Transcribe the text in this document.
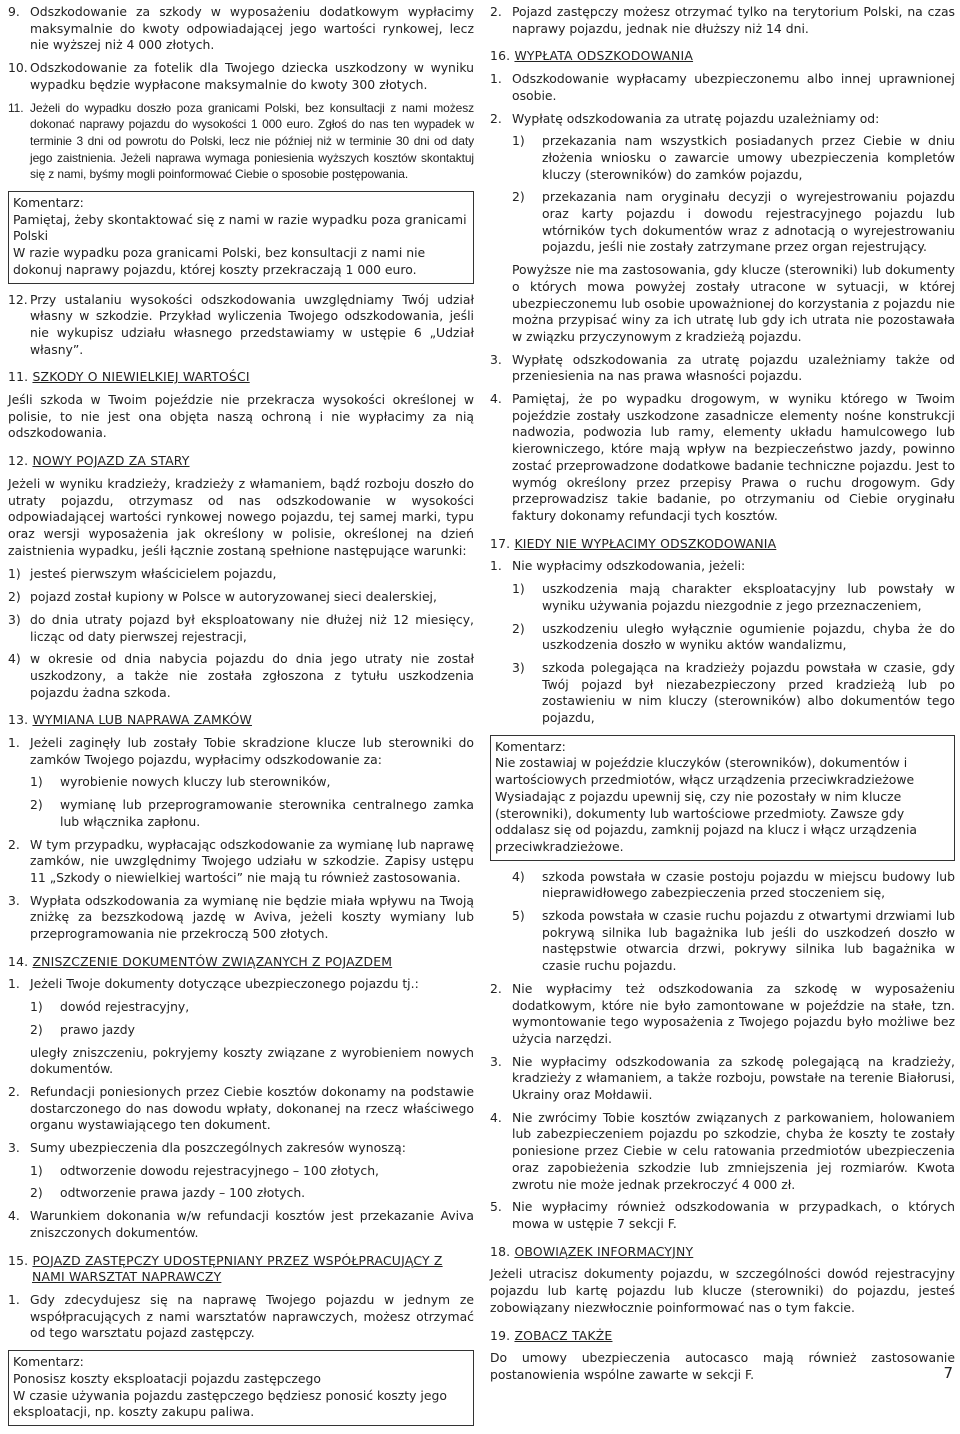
9. Odszkodowanie za szkody w wyposażeniu dodatkowym wypłacimy maksymalnie do kwoty odpowiadającej jego wartości rynkowej, lecz nie wyższej niż 4 000 złotych.
10. Odszkodowanie za fotelik dla Twojego dziecka uszkodzony w wyniku wypadku będzie wypłacone maksymalnie do kwoty 300 złotych.
11. Jeżeli do wypadku doszło poza granicami Polski, bez konsultacji z nami możesz dokonać naprawy pojazdu do wysokości 1 000 euro. Zgłoś do nas ten wypadek w terminie 3 dni od powrotu do Polski, lecz nie później niż w terminie 30 dni od daty jego zaistnienia. Jeżeli naprawa wymaga poniesienia wyższych kosztów skontaktuj się z nami, byśmy mogli poinformować Ciebie o sposobie postępowania.
Komentarz:
Pamiętaj, żeby skontaktować się z nami w razie wypadku poza granicami Polski
W razie wypadku poza granicami Polski, bez konsultacji z nami nie dokonuj naprawy pojazdu, której koszty przekraczają 1 000 euro.
12. Przy ustalaniu wysokości odszkodowania uwzględniamy Twój udział własny w szkodzie. Przykład wyliczenia Twojego odszkodowania, jeśli nie wykupisz udziału własnego przedstawiamy w ustępie 6 „Udział własny”.

11. SZKODY O NIEWIELKIEJ WARTOŚCI

Jeśli szkoda w Twoim pojeździe nie przekracza wysokości określonej w polisie, to nie jest ona objęta naszą ochroną i nie wypłacimy za nią odszkodowania.

12. NOWY POJAZD ZA STARY

Jeżeli w wyniku kradzieży, kradzieży z włamaniem, bądź rozboju doszło do utraty pojazdu, otrzymasz od nas odszkodowanie w wysokości odpowiadającej wartości rynkowej nowego pojazdu, tej samej marki, typu oraz wersji wyposażenia jak określony w polisie, określonej na dzień zaistnienia wypadku, jeśli łącznie zostaną spełnione następujące warunki:

1) jesteś pierwszym właścicielem pojazdu,
2) pojazd został kupiony w Polsce w autoryzowanej sieci dealerskiej,
3) do dnia utraty pojazd był eksploatowany nie dłużej niż 12 miesięcy, licząc od daty pierwszej rejestracji,
4) w okresie od dnia nabycia pojazdu do dnia jego utraty nie został uszkodzony, a także nie została zgłoszona z tytułu uszkodzenia pojazdu żadna szkoda.

13. WYMIANA LUB NAPRAWA ZAMKÓW

1. Jeżeli zaginęły lub zostały Tobie skradzione klucze lub sterowniki do zamków Twojego pojazdu, wypłacimy odszkodowanie za:
1) wyrobienie nowych kluczy lub sterowników,
2) wymianę lub przeprogramowanie sterownika centralnego zamka lub włącznika zapłonu.
2. W tym przypadku, wypłacając odszkodowanie za wymianę lub naprawę zamków, nie uwzględnimy Twojego udziału w szkodzie. Zapisy ustępu 11 „Szkody o niewielkiej wartości” nie mają tu również zastosowania.
3. Wypłata odszkodowania za wymianę nie będzie miała wpływu na Twoją zniżkę za bezszkodową jazdę w Aviva, jeżeli koszty wymiany lub przeprogramowania nie przekroczą 500 złotych.

14. ZNISZCZENIE DOKUMENTÓW ZWIĄZANYCH Z POJAZDEM

1. Jeżeli Twoje dokumenty dotyczące ubezpieczonego pojazdu tj.:
1) dowód rejestracyjny,
2) prawo jazdy

uległy zniszczeniu, pokryjemy koszty związane z wyrobieniem nowych dokumentów.

2. Refundacji poniesionych przez Ciebie kosztów dokonamy na podstawie dostarczonego do nas dowodu wpłaty, dokonanej na rzecz właściwego organu wystawiającego ten dokument.
3. Sumy ubezpieczenia dla poszczególnych zakresów wynoszą:
1) odtworzenie dowodu rejestracyjnego – 100 złotych,
2) odtworzenie prawa jazdy – 100 złotych.
4. Warunkiem dokonania w/w refundacji kosztów jest przekazanie Aviva zniszczonych dokumentów.

15. POJAZD ZASTĘPCZY UDOSTĘPNIANY PRZEZ WSPÓŁPRACUJĄCY Z NAMI WARSZTAT NAPRAWCZY

1. Gdy zdecydujesz się na naprawę Twojego pojazdu w jednym ze współpracujących z nami warsztatów naprawczych, możesz otrzymać od tego warsztatu pojazd zastępczy.
Komentarz:
Ponosisz koszty eksploatacji pojazdu zastępczego
W czasie używania pojazdu zastępczego będziesz ponosić koszty jego eksploatacji, np. koszty zakupu paliwa.
2. Pojazd zastępczy możesz otrzymać tylko na terytorium Polski, na czas naprawy pojazdu, jednak nie dłuższy niż 14 dni.

16. WYPŁATA ODSZKODOWANIA

1. Odszkodowanie wypłacamy ubezpieczonemu albo innej uprawnionej osobie.
2. Wypłatę odszkodowania za utratę pojazdu uzależniamy od:
1) przekazania nam wszystkich posiadanych przez Ciebie w dniu złożenia wniosku o zawarcie umowy ubezpieczenia kompletów kluczy (sterowników) do zamków pojazdu,
2) przekazania nam oryginału decyzji o wyrejestrowaniu pojazdu oraz karty pojazdu i dowodu rejestracyjnego pojazdu lub wtórników tych dokumentów wraz z adnotacją o wyrejestrowaniu pojazdu, jeśli nie zostały zatrzymane przez organ rejestrujący.

Powyższe nie ma zastosowania, gdy klucze (sterowniki) lub dokumenty o których mowa powyżej zostały utracone w sytuacji, w której ubezpieczonemu lub osobie upoważnionej do korzystania z pojazdu nie można przypisać winy za ich utratę lub gdy ich utrata nie pozostawała w związku przyczynowym z kradzieżą pojazdu.

3. Wypłatę odszkodowania za utratę pojazdu uzależniamy także od przeniesienia na nas prawa własności pojazdu.
4. Pamiętaj, że po wypadku drogowym, w wyniku którego w Twoim pojeździe zostały uszkodzone zasadnicze elementy nośne konstrukcji nadwozia, podwozia lub ramy, elementy układu hamulcowego lub kierowniczego, które mają wpływ na bezpieczeństwo jazdy, powinno zostać przeprowadzone dodatkowe badanie techniczne pojazdu. Jest to wymóg określony przez przepisy Prawa o ruchu drogowym. Gdy przeprowadzisz takie badanie, po otrzymaniu od Ciebie oryginału faktury dokonamy refundacji tych kosztów.

17. KIEDY NIE WYPŁACIMY ODSZKODOWANIA

1. Nie wypłacimy odszkodowania, jeżeli:
1) uszkodzenia mają charakter eksploatacyjny lub powstały w wyniku używania pojazdu niezgodnie z jego przeznaczeniem,
2) uszkodzeniu uległo wyłącznie ogumienie pojazdu, chyba że do uszkodzenia doszło w wyniku aktów wandalizmu,
3) szkoda polegająca na kradzieży pojazdu powstała w czasie, gdy Twój pojazd był niezabezpieczony przed kradzieżą lub po zostawieniu w nim kluczy (sterowników) albo dokumentów tego pojazdu,
Komentarz:
Nie zostawiaj w pojeździe kluczyków (sterowników), dokumentów i wartościowych przedmiotów, włącz urządzenia przeciwkradzieżowe
Wysiadając z pojazdu upewnij się, czy nie pozostały w nim klucze (sterowniki), dokumenty lub wartościowe przedmioty. Zawsze gdy oddalasz się od pojazdu, zamknij pojazd na klucz i włącz urządzenia przeciwkradzieżowe.
4) szkoda powstała w czasie postoju pojazdu w miejscu budowy lub nieprawidłowego zabezpieczenia przed stoczeniem się,
5) szkoda powstała w czasie ruchu pojazdu z otwartymi drzwiami lub pokrywą silnika lub bagażnika lub jeśli do uszkodzeń doszło w następstwie otwarcia drzwi, pokrywy silnika lub bagażnika w czasie ruchu pojazdu.
2. Nie wypłacimy też odszkodowania za szkodę w wyposażeniu dodatkowym, które nie było zamontowane w pojeździe na stałe, tzn. wymontowanie tego wyposażenia z Twojego pojazdu było możliwe bez użycia narzędzi.
3. Nie wypłacimy odszkodowania za szkodę polegającą na kradzieży, kradzieży z włamaniem, a także rozboju, powstałe na terenie Białorusi, Ukrainy oraz Mołdawii.
4. Nie zwrócimy Tobie kosztów związanych z parkowaniem, holowaniem lub zabezpieczeniem pojazdu po szkodzie, chyba że koszty te zostały poniesione przez Ciebie w celu ratowania przedmiotów ubezpieczenia oraz zapobieżenia szkodzie lub zmniejszenia jej rozmiarów. Kwota zwrotu nie może jednak przekroczyć 4 000 zł.
5. Nie wypłacimy również odszkodowania w przypadkach, o których mowa w ustępie 7 sekcji F.

18. OBOWIĄZEK INFORMACYJNY

Jeżeli utracisz dokumenty pojazdu, w szczególności dowód rejestracyjny pojazdu lub kartę pojazdu lub klucze (sterowniki) do pojazdu, jesteś zobowiązany niezwłocznie poinformować nas o tym fakcie.

19. ZOBACZ TAKŻE

Do umowy ubezpieczenia autocasco mają również zastosowanie postanowienia wspólne zawarte w sekcji F.	7
